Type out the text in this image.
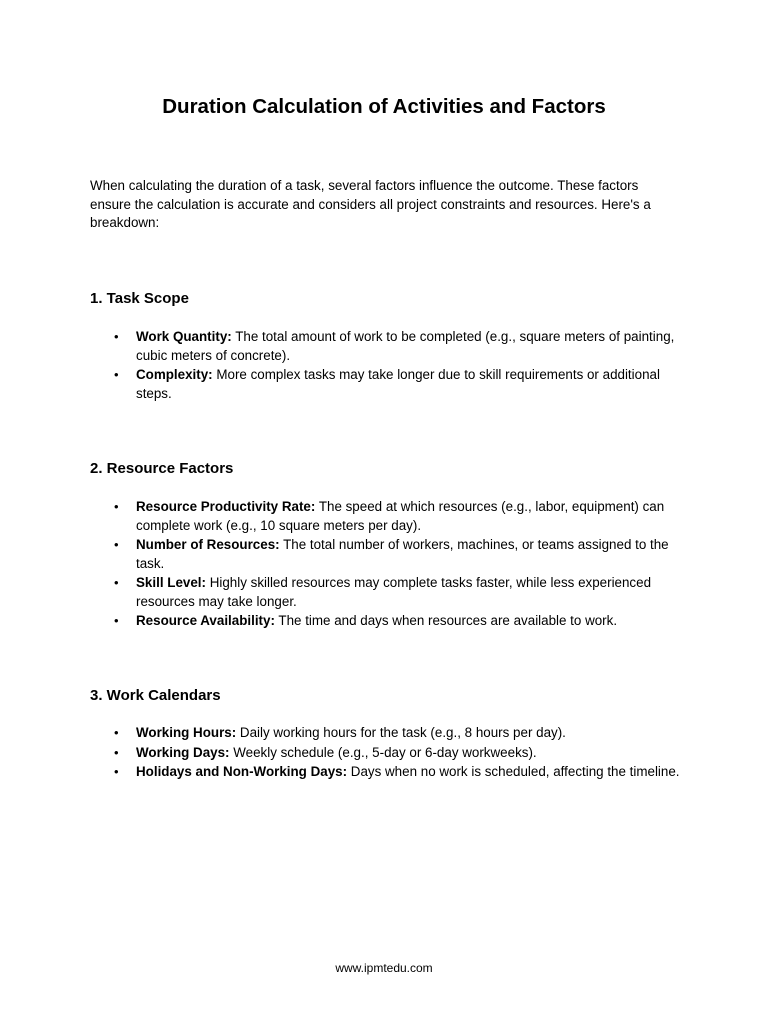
Duration Calculation of Activities and Factors

When calculating the duration of a task, several factors influence the outcome. These factors ensure the calculation is accurate and considers all project constraints and resources. Here's a breakdown:

1. Task Scope
• Work Quantity: The total amount of work to be completed (e.g., square meters of painting, cubic meters of concrete).
• Complexity: More complex tasks may take longer due to skill requirements or additional steps.
2. Resource Factors
• Resource Productivity Rate: The speed at which resources (e.g., labor, equipment) can complete work (e.g., 10 square meters per day).
• Number of Resources: The total number of workers, machines, or teams assigned to the task.
• Skill Level: Highly skilled resources may complete tasks faster, while less experienced resources may take longer.
• Resource Availability: The time and days when resources are available to work.
3. Work Calendars
• Working Hours: Daily working hours for the task (e.g., 8 hours per day).
• Working Days: Weekly schedule (e.g., 5-day or 6-day workweeks).
• Holidays and Non-Working Days: Days when no work is scheduled, affecting the timeline.
www.ipmtedu.com
